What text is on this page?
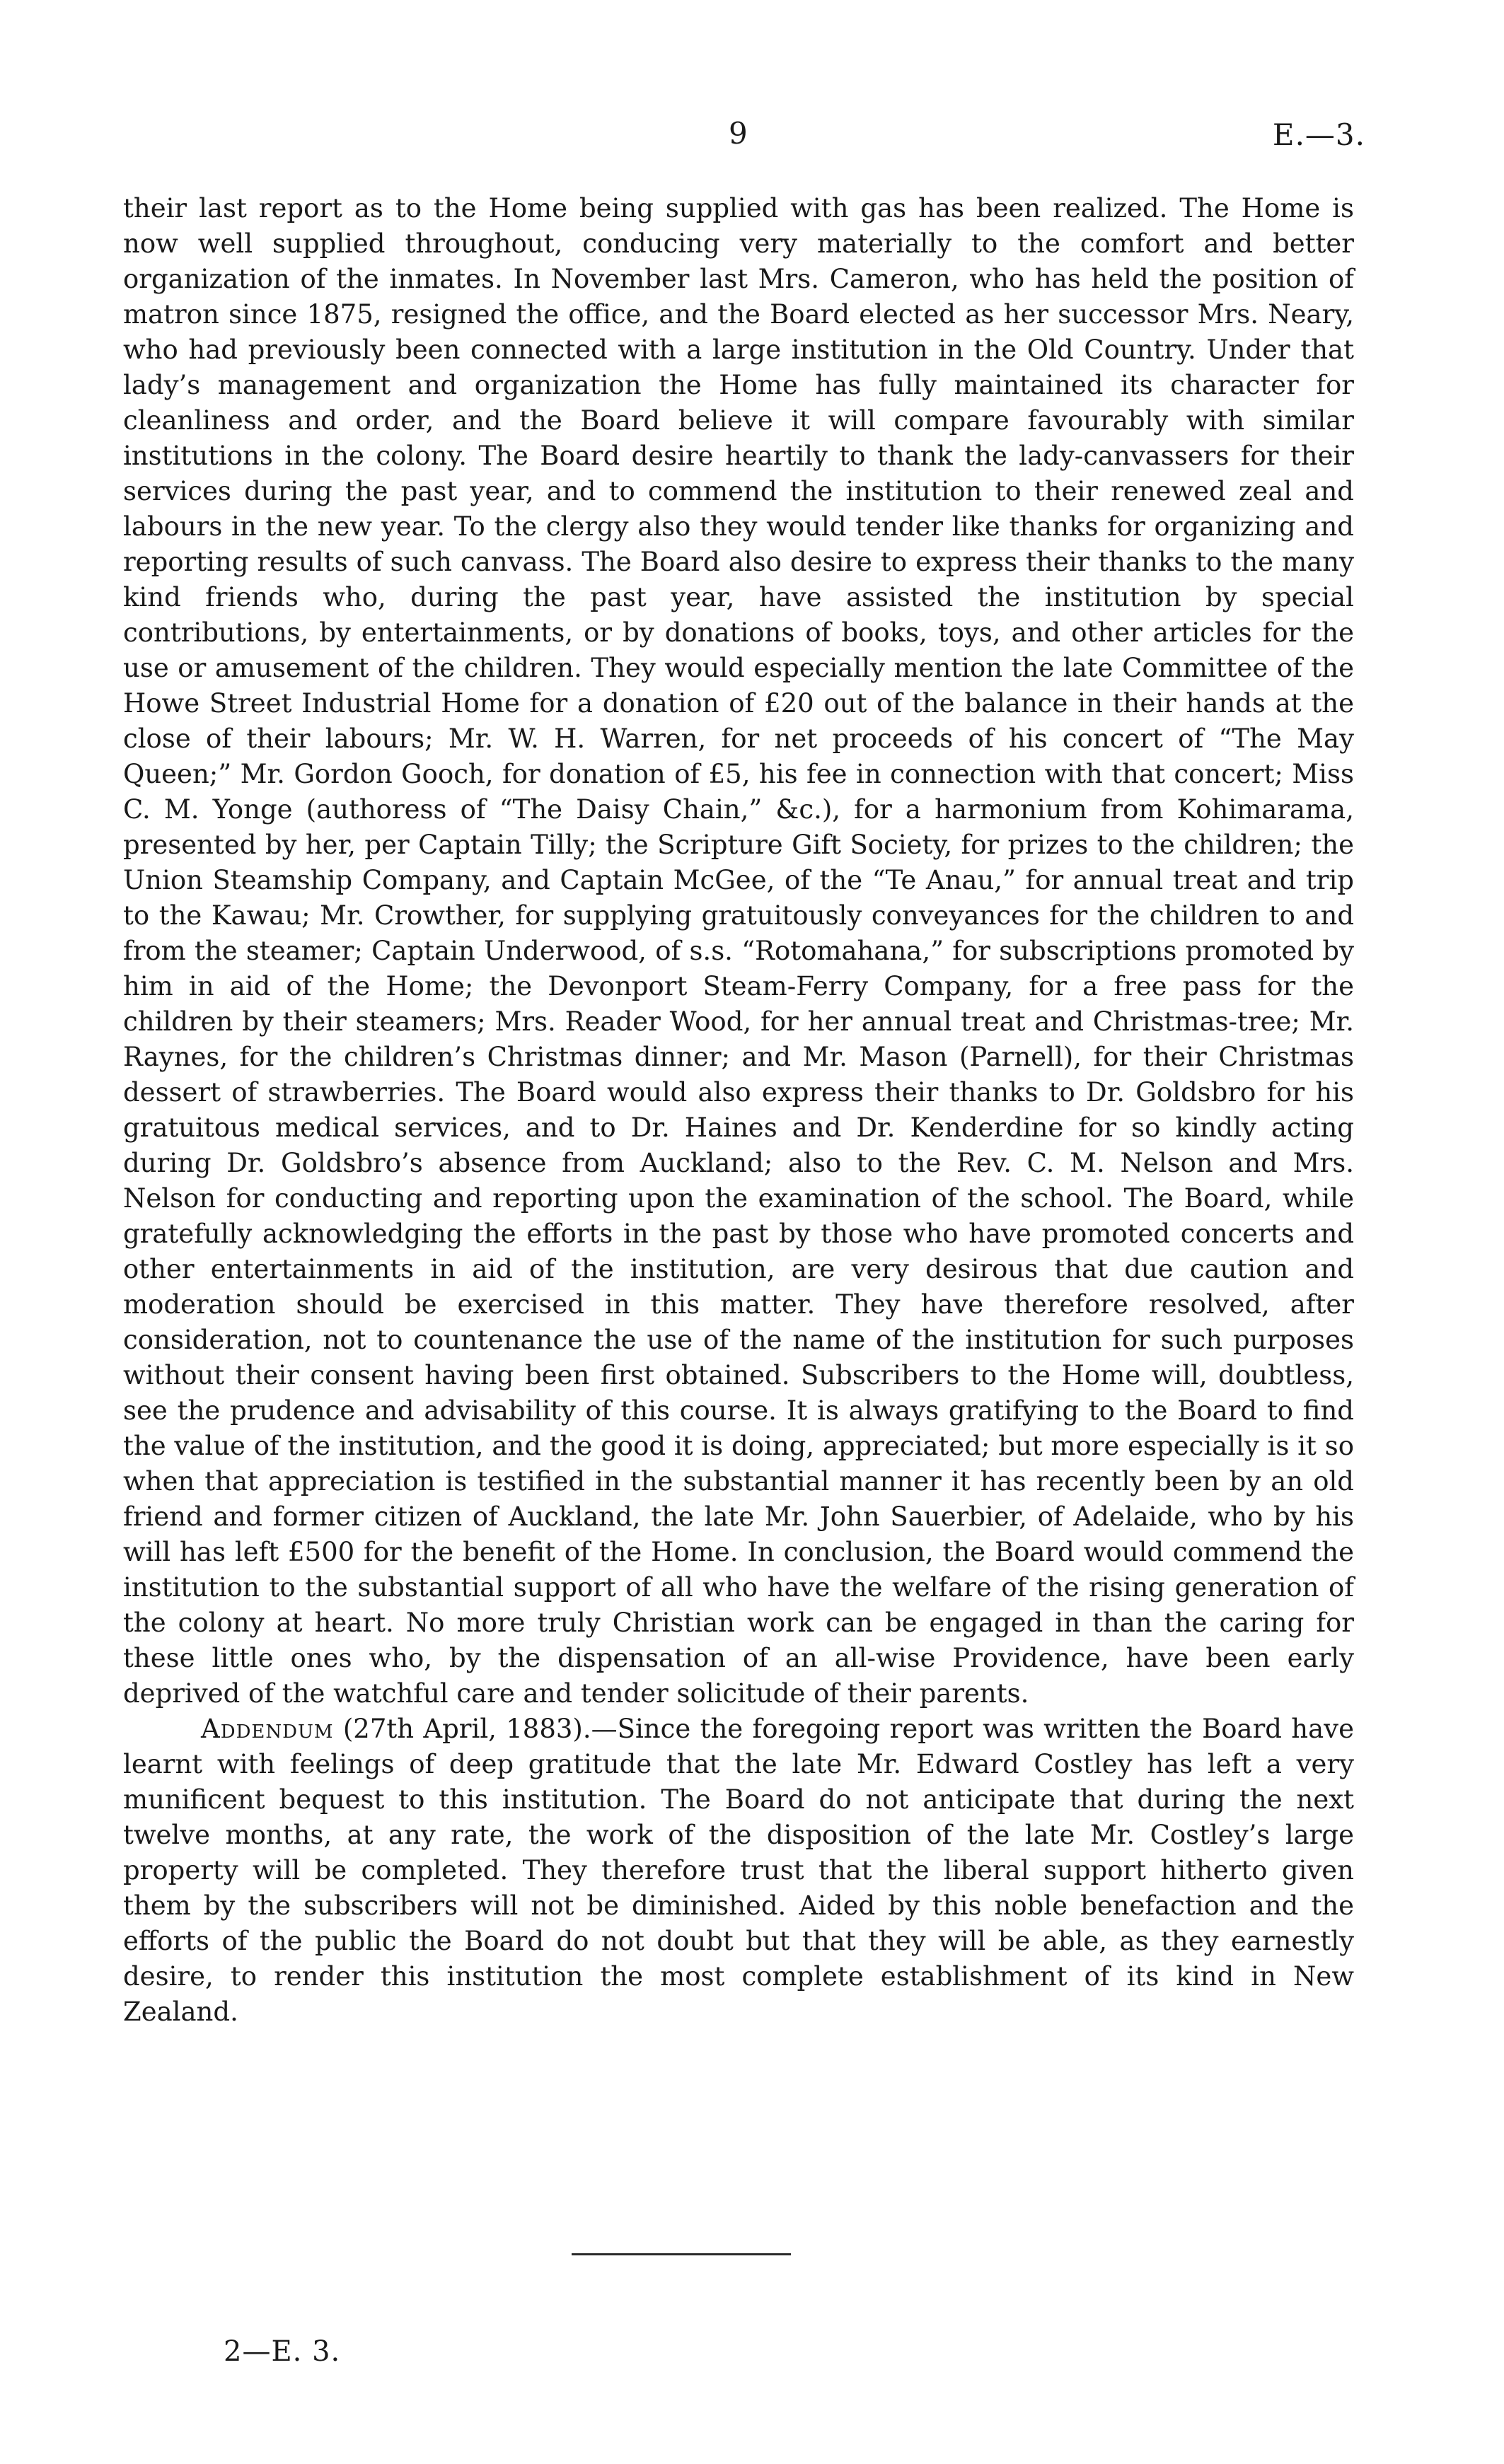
9	E.—3.

their last report as to the Home being supplied with gas has been realized. The Home is now well supplied throughout, conducing very materially to the comfort and better organization of the inmates. In November last Mrs. Cameron, who has held the position of matron since 1875, resigned the office, and the Board elected as her successor Mrs. Neary, who had previously been connected with a large institution in the Old Country. Under that lady’s management and organization the Home has fully maintained its character for cleanliness and order, and the Board believe it will compare favourably with similar institutions in the colony. The Board desire heartily to thank the lady-canvassers for their services during the past year, and to commend the institution to their renewed zeal and labours in the new year. To the clergy also they would tender like thanks for organizing and reporting results of such canvass. The Board also desire to express their thanks to the many kind friends who, during the past year, have assisted the institution by special contributions, by entertainments, or by donations of books, toys, and other articles for the use or amusement of the children. They would especially mention the late Committee of the Howe Street Industrial Home for a donation of £20 out of the balance in their hands at the close of their labours; Mr. W. H. Warren, for net proceeds of his concert of “The May Queen;” Mr. Gordon Gooch, for donation of £5, his fee in connection with that concert; Miss C. M. Yonge (authoress of “The Daisy Chain,” &c.), for a harmonium from Kohimarama, presented by her, per Captain Tilly; the Scripture Gift Society, for prizes to the children; the Union Steamship Company, and Captain McGee, of the “Te Anau,” for annual treat and trip to the Kawau; Mr. Crowther, for supplying gratuitously conveyances for the children to and from the steamer; Captain Underwood, of s.s. “Rotomahana,” for subscriptions promoted by him in aid of the Home; the Devonport Steam-Ferry Company, for a free pass for the children by their steamers; Mrs. Reader Wood, for her annual treat and Christmas-tree; Mr. Raynes, for the children’s Christmas dinner; and Mr. Mason (Parnell), for their Christmas dessert of strawberries. The Board would also express their thanks to Dr. Goldsbro for his gratuitous medical services, and to Dr. Haines and Dr. Kenderdine for so kindly acting during Dr. Goldsbro’s absence from Auckland; also to the Rev. C. M. Nelson and Mrs. Nelson for conducting and reporting upon the examination of the school. The Board, while gratefully acknowledging the efforts in the past by those who have promoted concerts and other entertainments in aid of the institution, are very desirous that due caution and moderation should be exercised in this matter. They have therefore resolved, after consideration, not to countenance the use of the name of the institution for such purposes without their consent having been first obtained. Subscribers to the Home will, doubtless, see the prudence and advisability of this course. It is always gratifying to the Board to find the value of the institution, and the good it is doing, appreciated; but more especially is it so when that appreciation is testified in the substantial manner it has recently been by an old friend and former citizen of Auckland, the late Mr. John Sauerbier, of Adelaide, who by his will has left £500 for the benefit of the Home. In conclusion, the Board would commend the institution to the substantial support of all who have the welfare of the rising generation of the colony at heart. No more truly Christian work can be engaged in than the caring for these little ones who, by the dispensation of an all-wise Providence, have been early deprived of the watchful care and tender solicitude of their parents.

Addendum (27th April, 1883).—Since the foregoing report was written the Board have learnt with feelings of deep gratitude that the late Mr. Edward Costley has left a very munificent bequest to this institution. The Board do not anticipate that during the next twelve months, at any rate, the work of the disposition of the late Mr. Costley’s large property will be completed. They therefore trust that the liberal support hitherto given them by the subscribers will not be diminished. Aided by this noble benefaction and the efforts of the public the Board do not doubt but that they will be able, as they earnestly desire, to render this institution the most complete establishment of its kind in New Zealand.

2—E. 3.
